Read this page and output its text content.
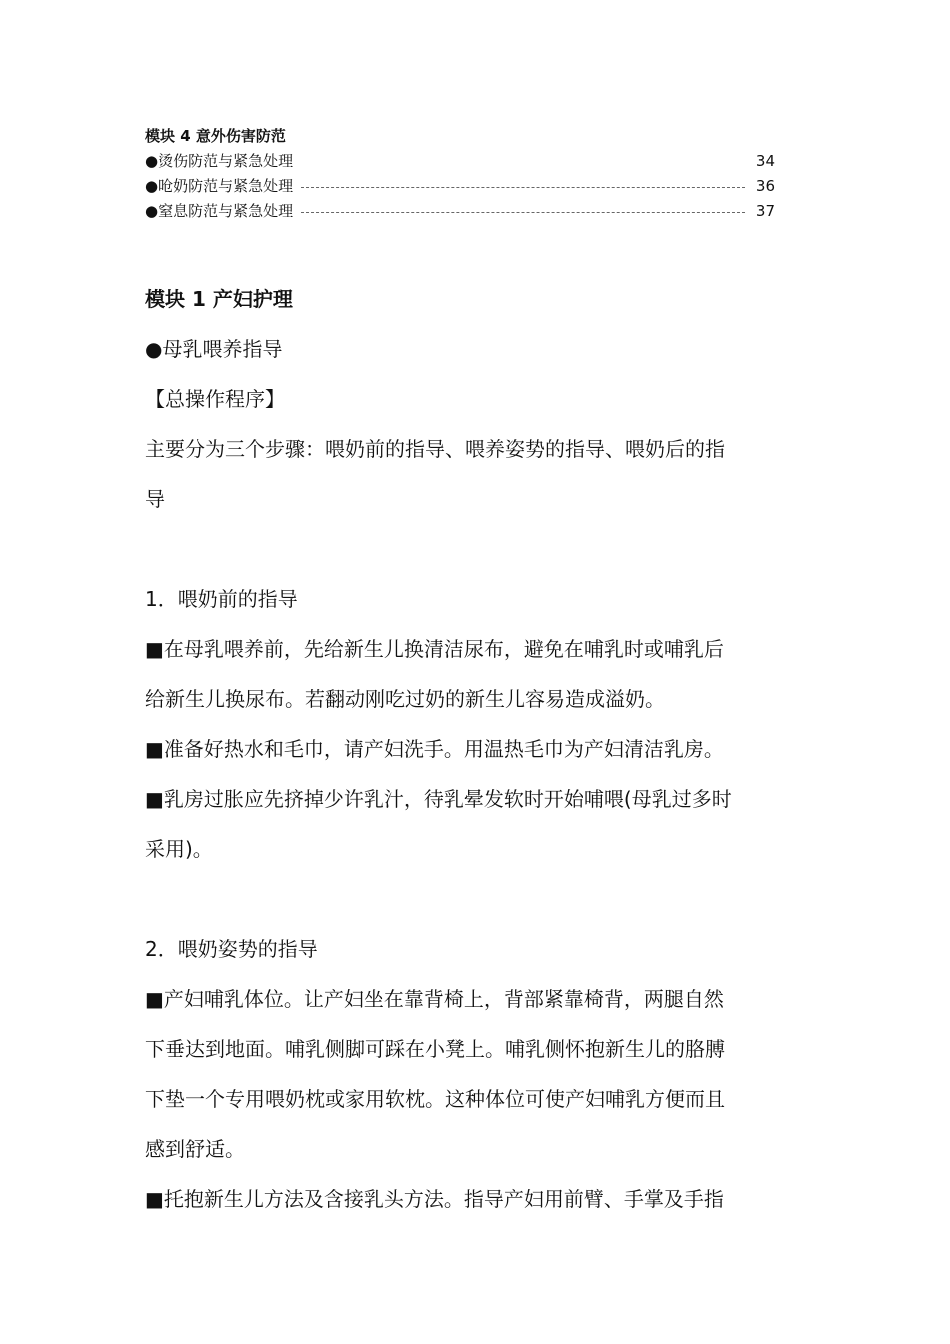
模块 4 意外伤害防范
●烫伤防范与紧急处理	34
●呛奶防范与紧急处理	36
●窒息防范与紧急处理	37
模块 1 产妇护理
●母乳喂养指导
【总操作程序】
主要分为三个步骤：喂奶前的指导、喂养姿势的指导、喂奶后的指
导
1．喂奶前的指导
■在母乳喂养前，先给新生儿换清洁尿布，避免在哺乳时或哺乳后
给新生儿换尿布。若翻动刚吃过奶的新生儿容易造成溢奶。
■准备好热水和毛巾，请产妇洗手。用温热毛巾为产妇清洁乳房。
■乳房过胀应先挤掉少许乳汁，待乳晕发软时开始哺喂(母乳过多时
采用)。
2．喂奶姿势的指导
■产妇哺乳体位。让产妇坐在靠背椅上，背部紧靠椅背，两腿自然
下垂达到地面。哺乳侧脚可踩在小凳上。哺乳侧怀抱新生儿的胳膊
下垫一个专用喂奶枕或家用软枕。这种体位可使产妇哺乳方便而且
感到舒适。
■托抱新生儿方法及含接乳头方法。指导产妇用前臂、手掌及手指
